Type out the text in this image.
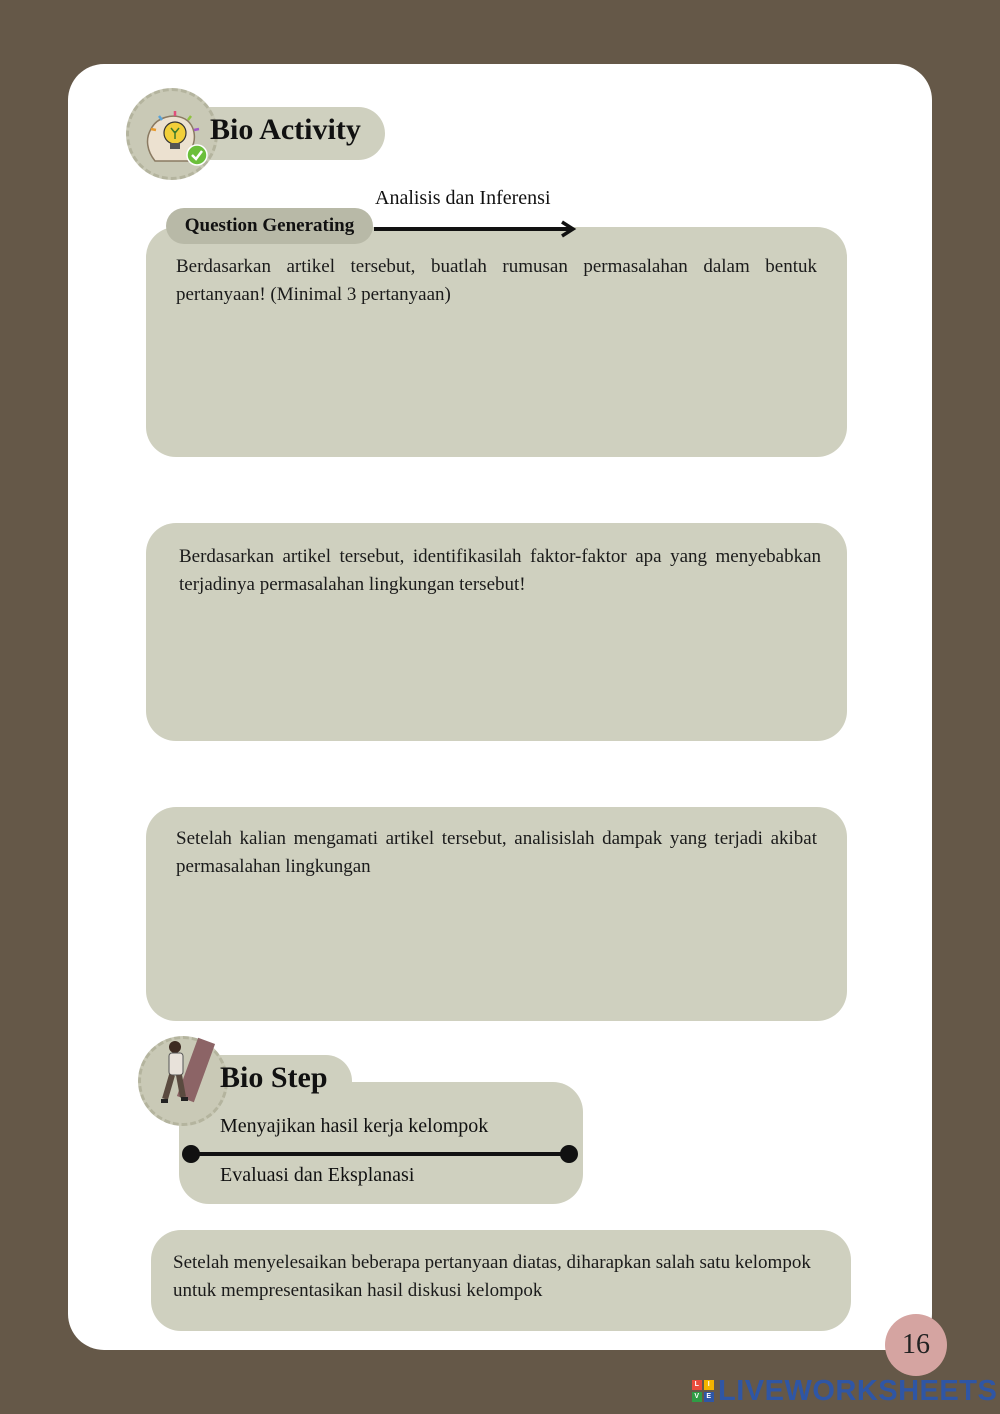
Bio Activity
Analisis dan Inferensi
Berdasarkan artikel tersebut, buatlah rumusan permasalahan dalam bentuk pertanyaan! (Minimal 3 pertanyaan)
Question Generating
Berdasarkan artikel tersebut, identifikasilah faktor-faktor apa yang menyebabkan terjadinya permasalahan lingkungan tersebut!
Setelah kalian mengamati artikel tersebut, analisislah dampak yang terjadi akibat permasalahan lingkungan
Bio Step
Menyajikan hasil kerja kelompok
Evaluasi dan Eksplanasi
Setelah menyelesaikan beberapa pertanyaan diatas, diharapkan salah satu kelompok untuk mempresentasikan hasil diskusi kelompok
16
L	I
V E LIVEWORKSHEETS
